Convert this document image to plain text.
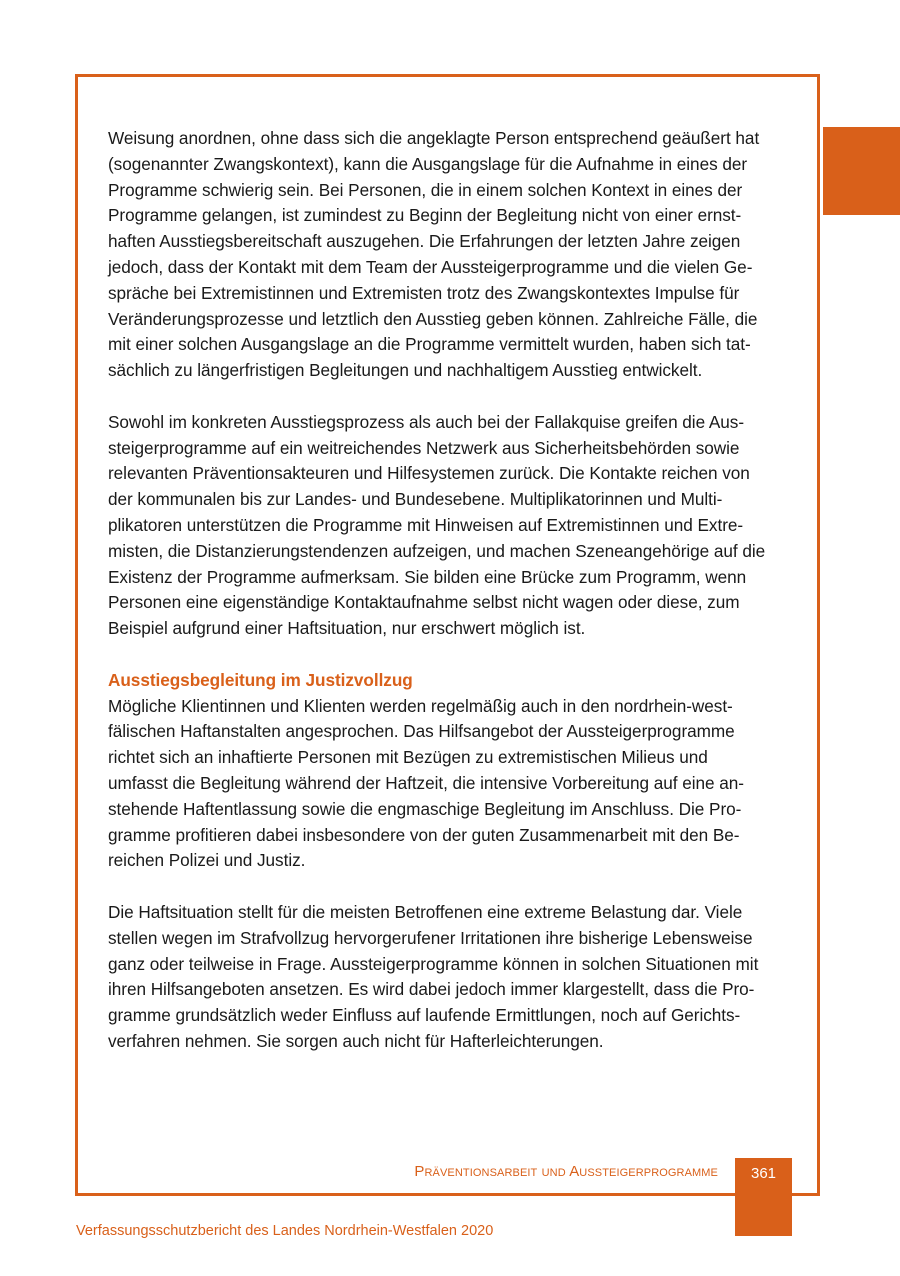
Weisung anordnen, ohne dass sich die angeklagte Person entsprechend geäußert hat
(sogenannter Zwangskontext), kann die Ausgangslage für die Aufnahme in eines der
Programme schwierig sein. Bei Personen, die in einem solchen Kontext in eines der
Programme gelangen, ist zumindest zu Beginn der Begleitung nicht von einer ernst-
haften Ausstiegsbereitschaft auszugehen. Die Erfahrungen der letzten Jahre zeigen
jedoch, dass der Kontakt mit dem Team der Aussteigerprogramme und die vielen Ge-
spräche bei Extremistinnen und Extremisten trotz des Zwangskontextes Impulse für
Veränderungsprozesse und letztlich den Ausstieg geben können. Zahlreiche Fälle, die
mit einer solchen Ausgangslage an die Programme vermittelt wurden, haben sich tat-
sächlich zu längerfristigen Begleitungen und nachhaltigem Ausstieg entwickelt.
Sowohl im konkreten Ausstiegsprozess als auch bei der Fallakquise greifen die Aus-
steigerprogramme auf ein weitreichendes Netzwerk aus Sicherheitsbehörden sowie
relevanten Präventionsakteuren und Hilfesystemen zurück. Die Kontakte reichen von
der kommunalen bis zur Landes- und Bundesebene. Multiplikatorinnen und Multi-
plikatoren unterstützen die Programme mit Hinweisen auf Extremistinnen und Extre-
misten, die Distanzierungstendenzen aufzeigen, und machen Szeneangehörige auf die
Existenz der Programme aufmerksam. Sie bilden eine Brücke zum Programm, wenn
Personen eine eigenständige Kontaktaufnahme selbst nicht wagen oder diese, zum
Beispiel aufgrund einer Haftsituation, nur erschwert möglich ist.
Ausstiegsbegleitung im Justizvollzug
Mögliche Klientinnen und Klienten werden regelmäßig auch in den nordrhein-west-
fälischen Haftanstalten angesprochen. Das Hilfsangebot der Aussteigerprogramme
richtet sich an inhaftierte Personen mit Bezügen zu extremistischen Milieus und
umfasst die Begleitung während der Haftzeit, die intensive Vorbereitung auf eine an-
stehende Haftentlassung sowie die engmaschige Begleitung im Anschluss. Die Pro-
gramme profitieren dabei insbesondere von der guten Zusammenarbeit mit den Be-
reichen Polizei und Justiz.
Die Haftsituation stellt für die meisten Betroffenen eine extreme Belastung dar. Viele
stellen wegen im Strafvollzug hervorgerufener Irritationen ihre bisherige Lebensweise
ganz oder teilweise in Frage. Aussteigerprogramme können in solchen Situationen mit
ihren Hilfsangeboten ansetzen. Es wird dabei jedoch immer klargestellt, dass die Pro-
gramme grundsätzlich weder Einfluss auf laufende Ermittlungen, noch auf Gerichts-
verfahren nehmen. Sie sorgen auch nicht für Hafterleichterungen.
Präventionsarbeit und Aussteigerprogramme	361
Verfassungsschutzbericht des Landes Nordrhein-Westfalen 2020
